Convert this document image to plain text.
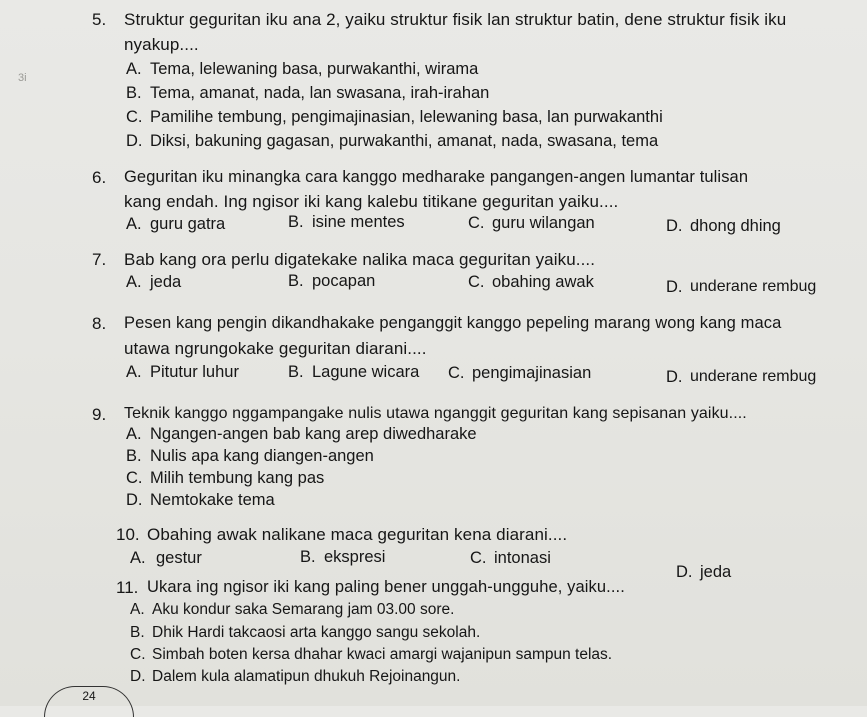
3i
5. Struktur geguritan iku ana 2, yaiku struktur fisik lan struktur batin, dene struktur fisik iku
nyakup....
A. Tema, lelewaning basa, purwakanthi, wirama
B. Tema, amanat, nada, lan swasana, irah-irahan
C. Pamilihe tembung, pengimajinasian, lelewaning basa, lan purwakanthi
D. Diksi, bakuning gagasan, purwakanthi, amanat, nada, swasana, tema
6. Geguritan iku minangka cara kanggo medharake pangangen-angen lumantar tulisan
kang endah. Ing ngisor iki kang kalebu titikane geguritan yaiku....
A. guru gatra	B. isine mentes	C. guru wilangan	D. dhong dhing
7. Bab kang ora perlu digatekake nalika maca geguritan yaiku....
A. jeda	B. pocapan	C. obahing awak	D. underane rembug
8. Pesen kang pengin dikandhakake penganggit kanggo pepeling marang wong kang maca
utawa ngrungokake geguritan diarani....
A. Pitutur luhur	B. Lagune wicara C. pengimajinasian	D. underane rembug
9. Teknik kanggo nggampangake nulis utawa nganggit geguritan kang sepisanan yaiku....
A. Ngangen-angen bab kang arep diwedharake
B. Nulis apa kang diangen-angen
C. Milih tembung kang pas
D. Nemtokake tema
10. Obahing awak nalikane maca geguritan kena diarani....
A. gestur	B. ekspresi	C. intonasi
D. jeda
11. Ukara ing ngisor iki kang paling bener unggah-ungguhe, yaiku....
A. Aku kondur saka Semarang jam 03.00 sore.
B. Dhik Hardi takcaosi arta kanggo sangu sekolah.
C. Simbah boten kersa dhahar kwaci amargi wajanipun sampun telas.
D. Dalem kula alamatipun dhukuh Rejoinangun.
24
